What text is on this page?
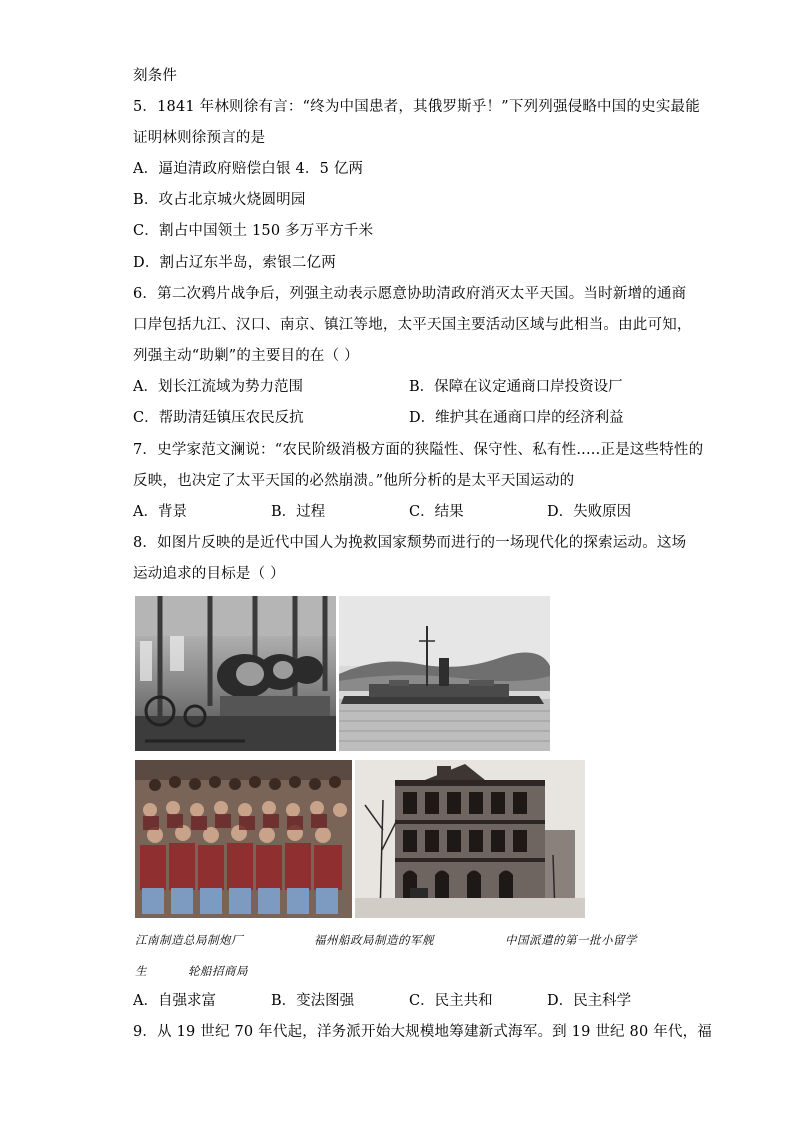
刻条件
5．1841 年林则徐有言：“终为中国患者，其俄罗斯乎！”下列列强侵略中国的史实最能
证明林则徐预言的是
A．逼迫清政府赔偿白银 4．5 亿两
B．攻占北京城火烧圆明园
C．割占中国领土 150 多万平方千米
D．割占辽东半岛，索银二亿两
6．第二次鸦片战争后，列强主动表示愿意协助清政府消灭太平天国。当时新增的通商
口岸包括九江、汉口、南京、镇江等地，太平天国主要活动区域与此相当。由此可知，
列强主动“助剿”的主要目的在（ ）
A．划长江流域为势力范围	B．保障在议定通商口岸投资设厂
C．帮助清廷镇压农民反抗	D．维护其在通商口岸的经济利益
7．史学家范文澜说：“农民阶级消极方面的狭隘性、保守性、私有性.....正是这些特性的
反映，也决定了太平天国的必然崩溃。”他所分析的是太平天国运动的
A．背景	B．过程	C．结果	D．失败原因
8．如图片反映的是近代中国人为挽救国家颓势而进行的一场现代化的探索运动。这场
运动追求的目标是（ ）
江南制造总局制炮厂	福州船政局制造的军舰	中国派遣的第一批小留学
生	轮船招商局
A．自强求富	B．变法图强	C．民主共和	D．民主科学
9．从 19 世纪 70 年代起，洋务派开始大规模地筹建新式海军。到 19 世纪 80 年代，福
